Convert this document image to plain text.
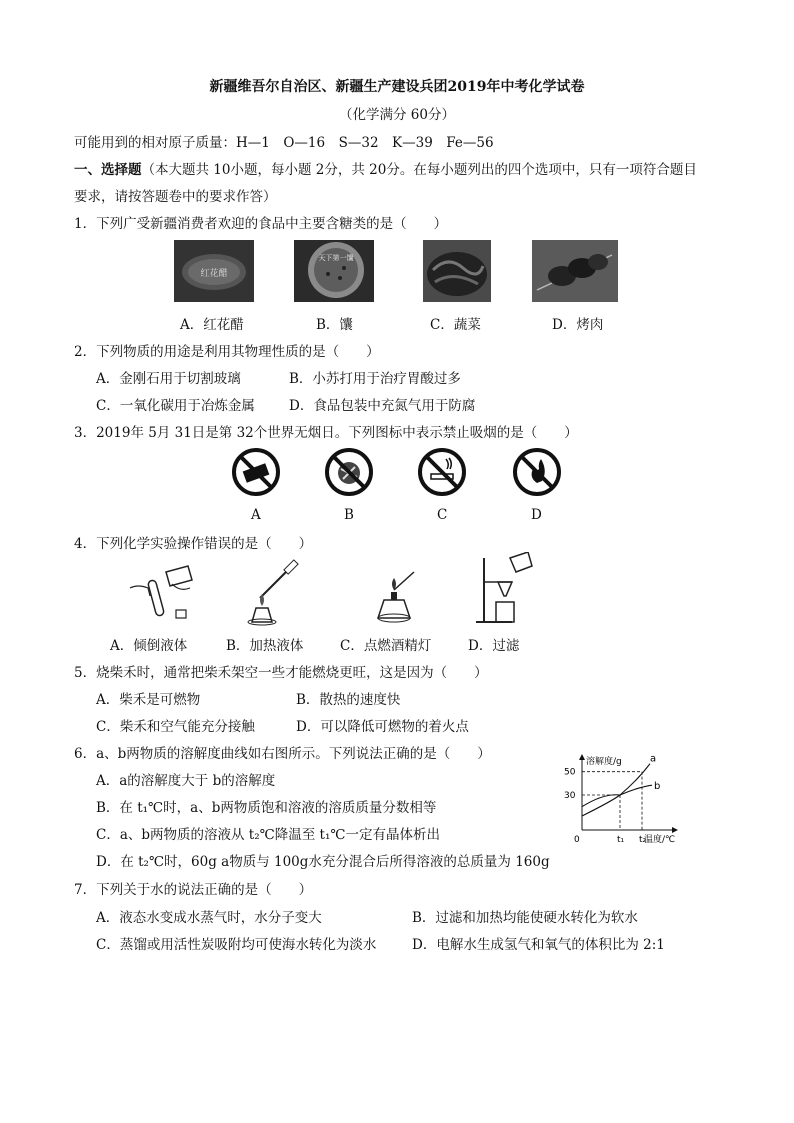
新疆维吾尔自治区、新疆生产建设兵团2019年中考化学试卷
（化学满分 60分）
可能用到的相对原子质量：H—1　O—16　S—32　K—39　Fe—56
一、选择题（本大题共 10小题，每小题 2分，共 20分。在每小题列出的四个选项中，只有一项符合题目
要求，请按答题卷中的要求作答）
1．下列广受新疆消费者欢迎的食品中主要含糖类的是（　　）
红花醋
天下第一馕
A．红花醋	B．馕	C．蔬菜	D．烤肉
2．下列物质的用途是利用其物理性质的是（　　）
A．金刚石用于切割玻璃	B．小苏打用于治疗胃酸过多
C．一氧化碳用于冶炼金属	D．食品包装中充氮气用于防腐
3．2019年 5月 31日是第 32个世界无烟日。下列图标中表示禁止吸烟的是（　　）
A	B	C	D
4．下列化学实验操作错误的是（　　）
A．倾倒液体	B．加热液体	C．点燃酒精灯	D．过滤
5．烧柴禾时，通常把柴禾架空一些才能燃烧更旺，这是因为（　　）
A．柴禾是可燃物	B．散热的速度快
C．柴禾和空气能充分接触	D．可以降低可燃物的着火点
6．a、b两物质的溶解度曲线如右图所示。下列说法正确的是（　　）
A．a的溶解度大于 b的溶解度
B．在 t₁℃时，a、b两物质饱和溶液的溶质质量分数相等
C．a、b两物质的溶液从 t₂℃降温至 t₁℃一定有晶体析出
D．在 t₂℃时，60g a物质与 100g水充分混合后所得溶液的总质量为 160g
溶解度/g
温度/℃
0
30
50
t₁ t₂
a
b
7．下列关于水的说法正确的是（　　）
A．液态水变成水蒸气时，水分子变大	B．过滤和加热均能使硬水转化为软水
C．蒸馏或用活性炭吸附均可使海水转化为淡水	D．电解水生成氢气和氧气的体积比为 2:1
